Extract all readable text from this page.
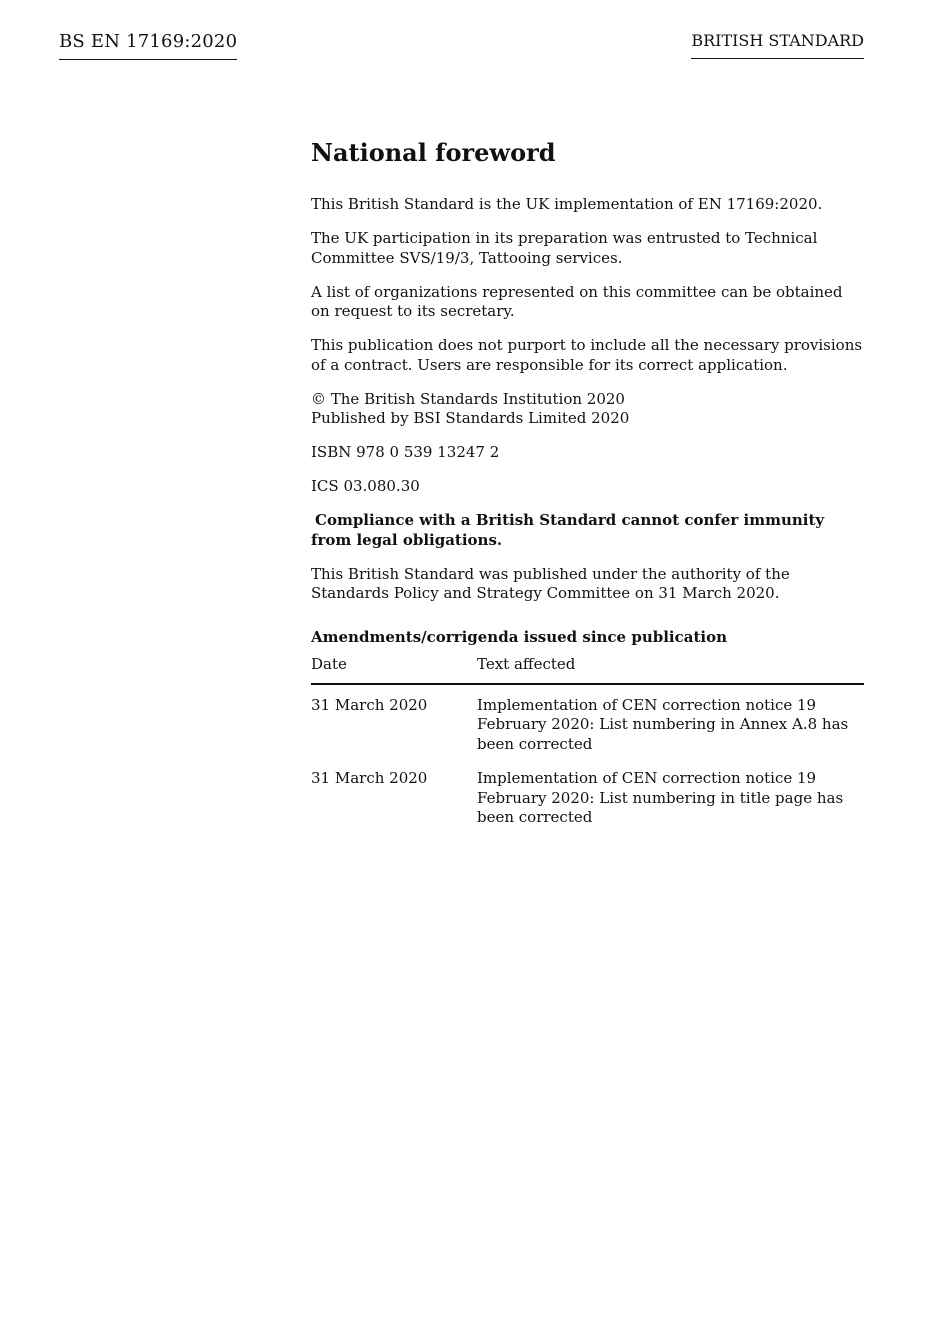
BS EN 17169:2020	BRITISH STANDARD
National foreword

This British Standard is the UK implementation of EN 17169:2020.

The UK participation in its preparation was entrusted to Technical Committee SVS/19/3, Tattooing services.

A list of organizations represented on this committee can be obtained on request to its secretary.

This publication does not purport to include all the necessary provisions of a contract. Users are responsible for its correct application.

© The British Standards Institution 2020
Published by BSI Standards Limited 2020

ISBN 978 0 539 13247 2

ICS 03.080.30

Compliance with a British Standard cannot confer immunity from legal obligations.

This British Standard was published under the authority of the Standards Policy and Strategy Committee on 31 March 2020.

Amendments/corrigenda issued since publication
Date	Text affected
31 March 2020	Implementation of CEN correction notice 19 February 2020: List numbering in Annex A.8 has been corrected
31 March 2020	Implementation of CEN correction notice 19 February 2020: List numbering in title page has been corrected
